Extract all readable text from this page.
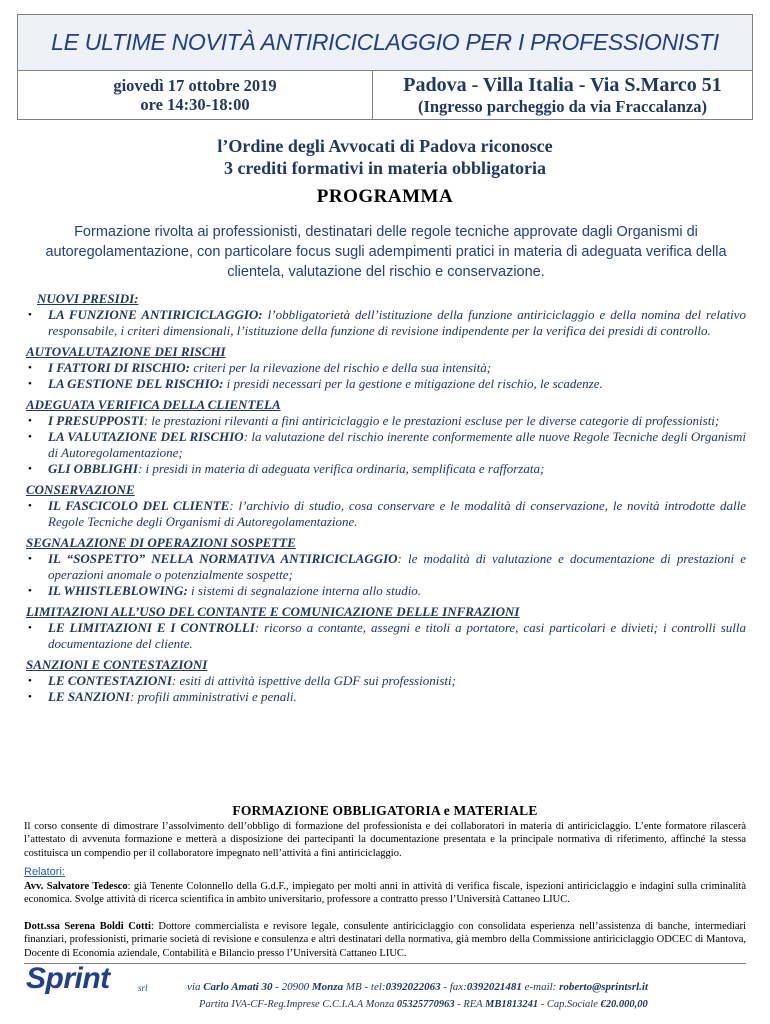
LE ULTIME NOVITÀ ANTIRICICLAGGIO PER I PROFESSIONISTI
giovedì 17 ottobre 2019
ore 14:30-18:00
Padova - Villa Italia - Via S.Marco 51
(Ingresso parcheggio da via Fraccalanza)
l’Ordine degli Avvocati di Padova riconosce
3 crediti formativi in materia obbligatoria
PROGRAMMA
Formazione rivolta ai professionisti, destinatari delle regole tecniche approvate dagli Organismi di autoregolamentazione, con particolare focus sugli adempimenti pratici in materia di adeguata verifica della clientela, valutazione del rischio e conservazione.
NUOVI PRESIDI:
• LA FUNZIONE ANTIRICICLAGGIO: l’obbligatorietà dell’istituzione della funzione antiriciclaggio e della nomina del relativo responsabile, i criteri dimensionali, l’istituzione della funzione di revisione indipendente per la verifica dei presidi di controllo.
AUTOVALUTAZIONE DEI RISCHI
• I FATTORI DI RISCHIO: criteri per la rilevazione del rischio e della sua intensità;
• LA GESTIONE DEL RISCHIO: i presidi necessari per la gestione e mitigazione del rischio, le scadenze.
ADEGUATA VERIFICA DELLA CLIENTELA
• I PRESUPPOSTI: le prestazioni rilevanti a fini antiriciclaggio e le prestazioni escluse per le diverse categorie di professionisti;
• LA VALUTAZIONE DEL RISCHIO: la valutazione del rischio inerente conformemente alle nuove Regole Tecniche degli Organismi di Autoregolamentazione;
• GLI OBBLIGHI: i presidi in materia di adeguata verifica ordinaria, semplificata e rafforzata;
CONSERVAZIONE
• IL FASCICOLO DEL CLIENTE: l’archivio di studio, cosa conservare e le modalità di conservazione, le novità introdotte dalle Regole Tecniche degli Organismi di Autoregolamentazione.
SEGNALAZIONE DI OPERAZIONI SOSPETTE
• IL “SOSPETTO” NELLA NORMATIVA ANTIRICICLAGGIO: le modalità di valutazione e documentazione di prestazioni e operazioni anomale o potenzialmente sospette;
• IL WHISTLEBLOWING: i sistemi di segnalazione interna allo studio.
LIMITAZIONI ALL’USO DEL CONTANTE E COMUNICAZIONE DELLE INFRAZIONI
• LE LIMITAZIONI E I CONTROLLI: ricorso a contante, assegni e titoli a portatore, casi particolari e divieti; i controlli sulla documentazione del cliente.
SANZIONI E CONTESTAZIONI
• LE CONTESTAZIONI: esiti di attività ispettive della GDF sui professionisti;
• LE SANZIONI: profili amministrativi e penali.
FORMAZIONE OBBLIGATORIA e MATERIALE
Il corso consente di dimostrare l’assolvimento dell’obbligo di formazione del professionista e dei collaboratori in materia di antiriciclaggio. L’ente formatore rilascerà l’attestato di avvenuta formazione e metterà a disposizione dei partecipanti la documentazione presentata e la principale normativa di riferimento, affinché la stessa costituisca un compendio per il collaboratore impegnato nell’attività a fini antiriciclaggio.
Relatori:
Avv. Salvatore Tedesco: già Tenente Colonnello della G.d.F., impiegato per molti anni in attività di verifica fiscale, ispezioni antiriciclaggio e indagini sulla criminalità economica. Svolge attività di ricerca scientifica in ambito universitario, professore a contratto presso l’Università Cattaneo LIUC.
Dott.ssa Serena Boldi Cotti: Dottore commercialista e revisore legale, consulente antiriciclaggio con consolidata esperienza nell’assistenza di banche, intermediari finanziari, professionisti, primarie società di revisione e consulenza e altri destinatari della normativa, già membro della Commissione antiriciclaggio ODCEC di Mantova, Docente di Economia aziendale, Contabilità e Bilancio presso l’Università Cattaneo LIUC.
Sprint	srl	via Carlo Amati 30 - 20900 Monza MB - tel:0392022063 - fax:0392021481 e-mail: roberto@sprintsrl.it
Partita IVA-CF-Reg.Imprese C.C.I.A.A Monza 05325770963 - REA MB1813241 - Cap.Sociale €20.000,00
